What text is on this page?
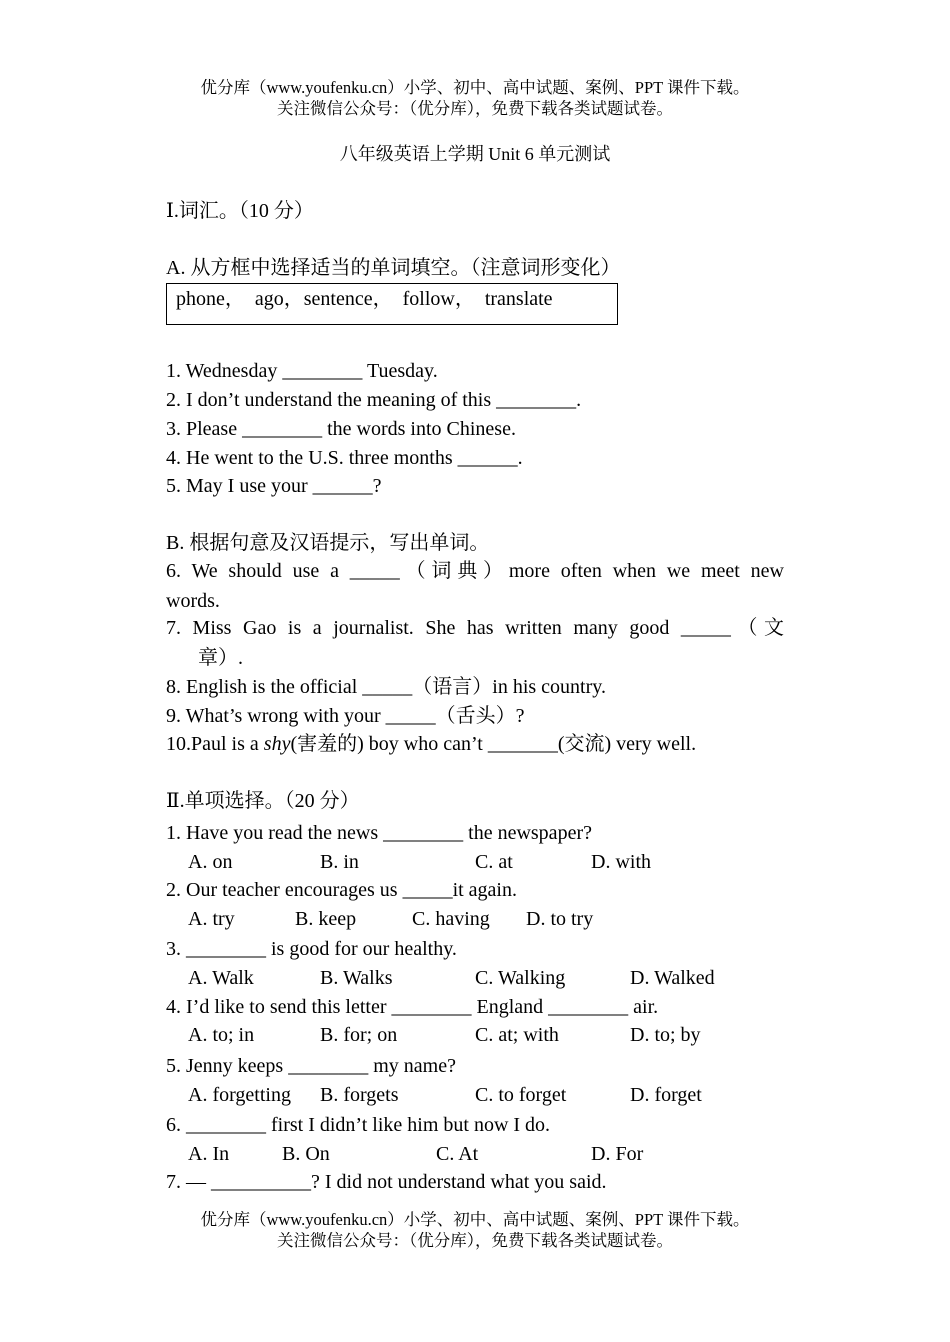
优分库（www.youfenku.cn）小学、初中、高中试题、案例、PPT 课件下载。
关注微信公众号：（优分库），免费下载各类试题试卷。
八年级英语上学期 Unit 6 单元测试
Ⅰ.词汇。（10 分）
A. 从方框中选择适当的单词填空。（注意词形变化）
phone，  ago，sentence，  follow，  translate
1. Wednesday ________ Tuesday.
2. I don’t understand the meaning of this ________.
3. Please ________ the words into Chinese.
4. He went to the U.S. three months ______.
5. May I use your ______?
B. 根据句意及汉语提示，写出单词。
6. We should use a _____（词典）more often when we meet new
words.
7. Miss Gao is a journalist. She has written many good _____（文
章）.
8. English is the official _____（语言）in his country.
9. What’s wrong with your _____（舌头）?
10.Paul is a shy(害羞的) boy who can’t _______(交流) very well.
Ⅱ.单项选择。（20 分）
1. Have you read the news ________ the newspaper?
A. on	B. in	C. at	D. with
2. Our teacher encourages us _____it again.
A. try	B. keep	C. having D. to try
3. ________ is good for our healthy.
A. Walk	B. Walks	C. Walking	D. Walked
4. I’d like to send this letter ________ England ________ air.
A. to; in	B. for; on	C. at; with	D. to; by
5. Jenny keeps ________ my name?
A. forgetting B. forgets	C. to forget	D. forget
6. ________ first I didn’t like him but now I do.
A. In	B. On	C. At	D. For
7. — __________? I did not understand what you said.
优分库（www.youfenku.cn）小学、初中、高中试题、案例、PPT 课件下载。
关注微信公众号：（优分库），免费下载各类试题试卷。
